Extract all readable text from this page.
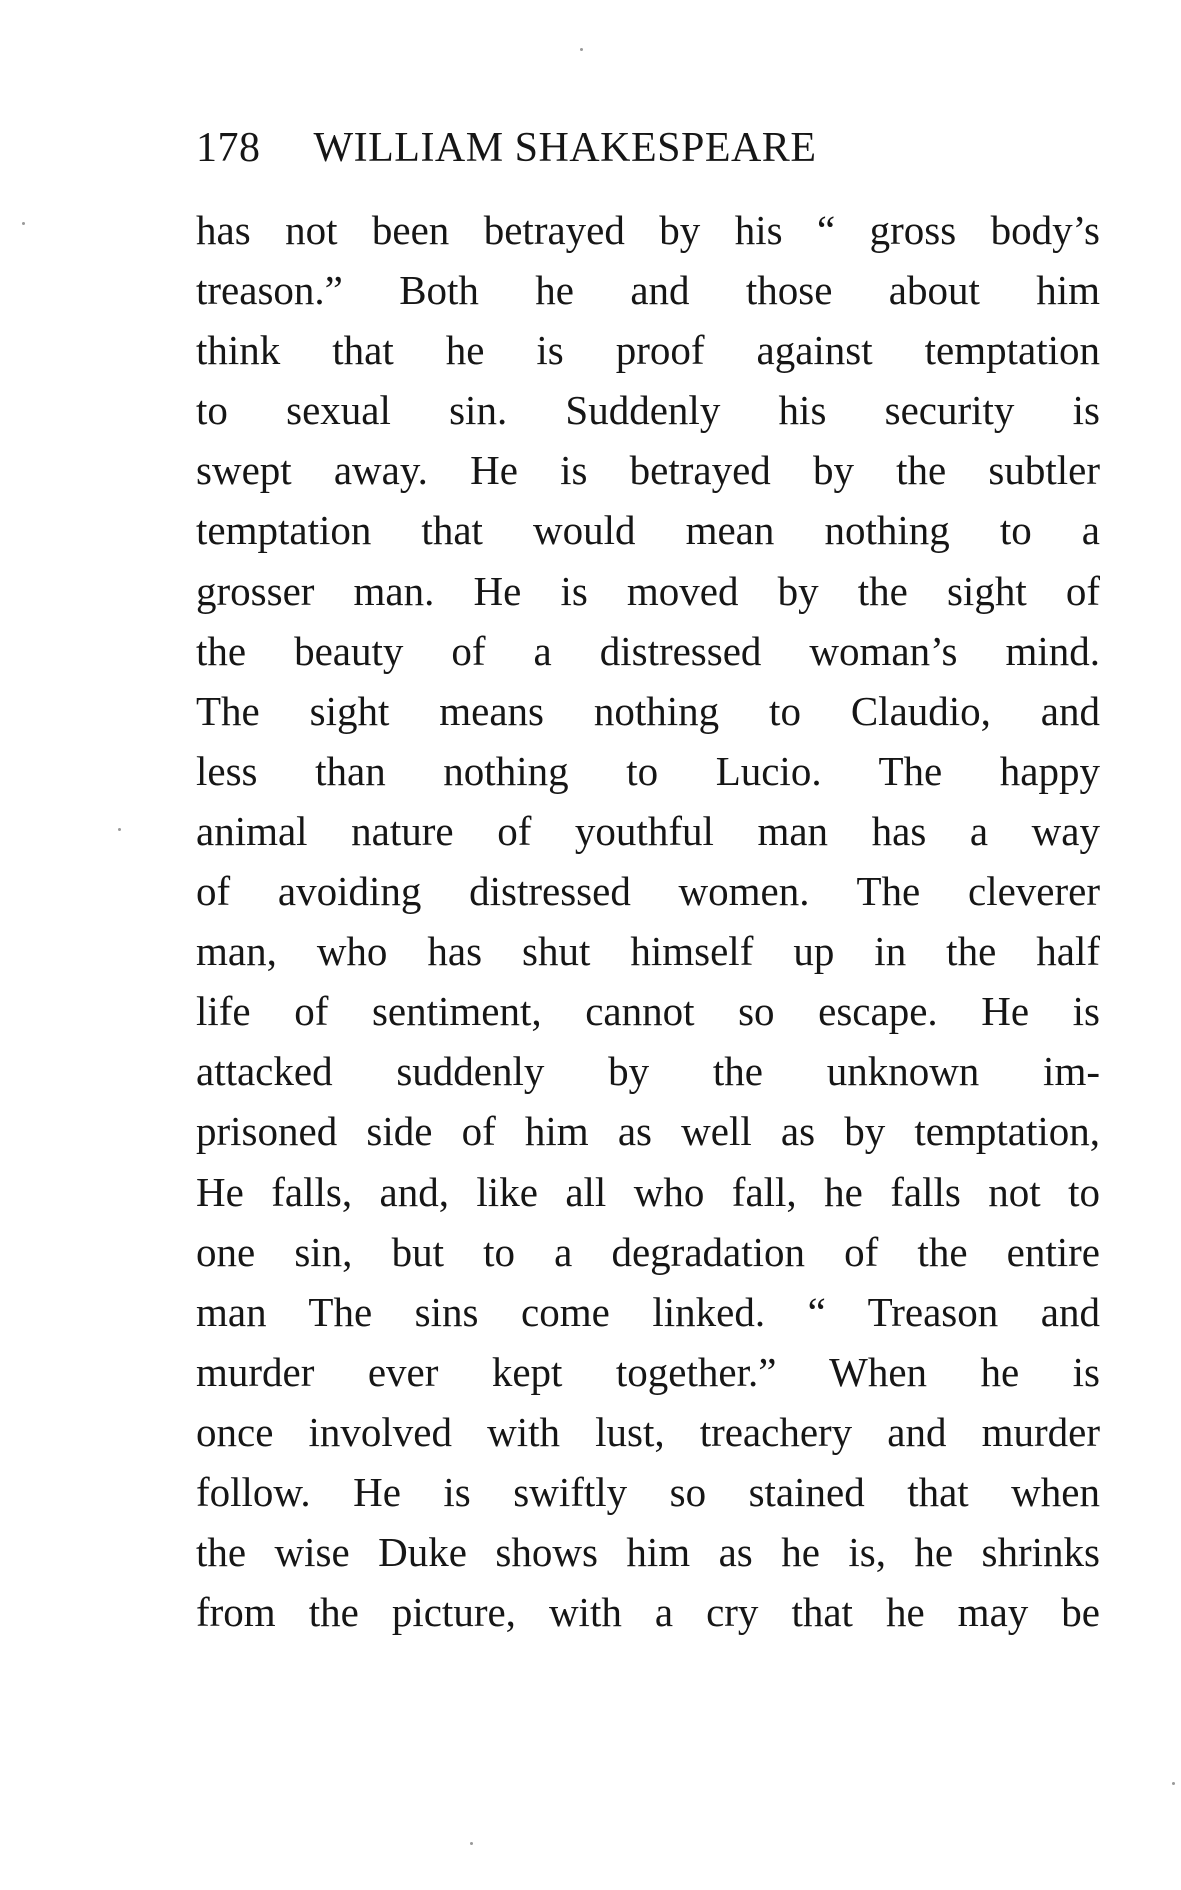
178 WILLIAM SHAKESPEARE
has not been betrayed by his “ gross body’s
treason.” Both he and those about him
think that he is proof against temptation
to sexual sin. Suddenly his security is
swept away. He is betrayed by the subtler
temptation that would mean nothing to a
grosser man. He is moved by the sight of
the beauty of a distressed woman’s mind.
The sight means nothing to Claudio, and
less than nothing to Lucio. The happy
animal nature of youthful man has a way
of avoiding distressed women. The cleverer
man, who has shut himself up in the half
life of sentiment, cannot so escape. He is
attacked suddenly by the unknown im-
prisoned side of him as well as by temptation,
He falls, and, like all who fall, he falls not to
one sin, but to a degradation of the entire
man The sins come linked. “ Treason and
murder ever kept together.” When he is
once involved with lust, treachery and murder
follow. He is swiftly so stained that when
the wise Duke shows him as he is, he shrinks
from the picture, with a cry that he may be
